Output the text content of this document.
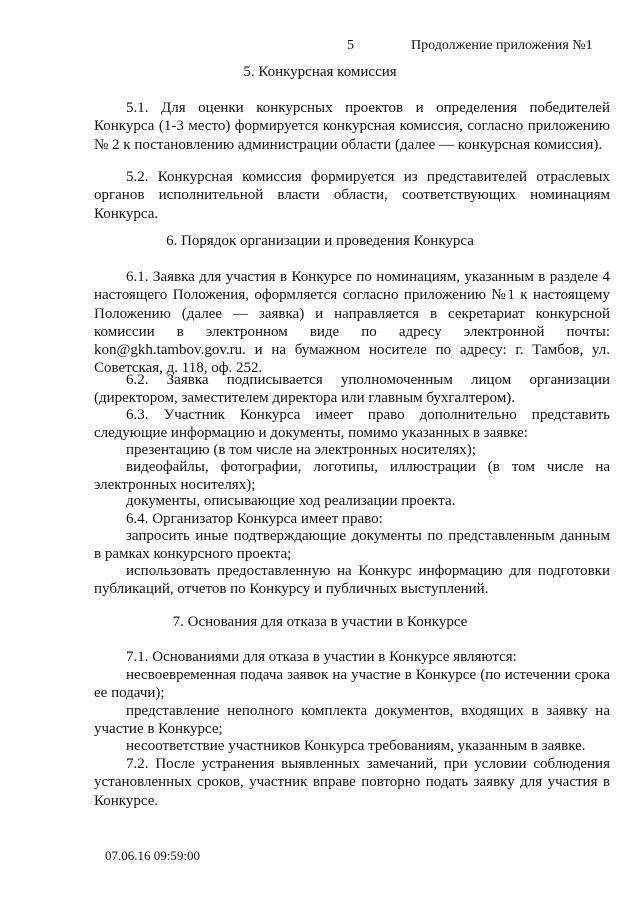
5	Продолжение приложения №1
5. Конкурсная комиссия
5.1. Для оценки конкурсных проектов и определения победителей Конкурса (1-3 место) формируется конкурсная комиссия, согласно приложению № 2 к постановлению администрации области (далее — конкурсная комиссия).
5.2. Конкурсная комиссия формируется из представителей отраслевых органов исполнительной власти области, соответствующих номинациям Конкурса.
6. Порядок организации и проведения Конкурса
6.1. Заявка для участия в Конкурсе по номинациям, указанным в разделе 4 настоящего Положения, оформляется согласно приложению №1 к настоящему Положению (далее — заявка) и направляется в секретариат конкурсной комиссии в электронном виде по адресу электронной почты: kon@gkh.tambov.gov.ru. и на бумажном носителе по адресу: г. Тамбов, ул. Советская, д. 118, оф. 252.
6.2. Заявка подписывается уполномоченным лицом организации (директором, заместителем директора или главным бухгалтером).
6.3. Участник Конкурса имеет право дополнительно представить следующие информацию и документы, помимо указанных в заявке:
презентацию (в том числе на электронных носителях);
видеофайлы, фотографии, логотипы, иллюстрации (в том числе на электронных носителях);
документы, описывающие ход реализации проекта.
6.4. Организатор Конкурса имеет право:
запросить иные подтверждающие документы по представленным данным в рамках конкурсного проекта;
использовать предоставленную на Конкурс информацию для подготовки публикаций, отчетов по Конкурсу и публичных выступлений.
7. Основания для отказа в участии в Конкурсе
7.1. Основаниями для отказа в участии в Конкурсе являются:
несвоевременная подача заявок на участие в Конкурсе (по истечении срока ее подачи);
представление неполного комплекта документов, входящих в заявку на участие в Конкурсе;
несоответствие участников Конкурса требованиям, указанным в заявке.
7.2. После устранения выявленных замечаний, при условии соблюдения установленных сроков, участник вправе повторно подать заявку для участия в Конкурсе.
07.06.16 09:59:00
